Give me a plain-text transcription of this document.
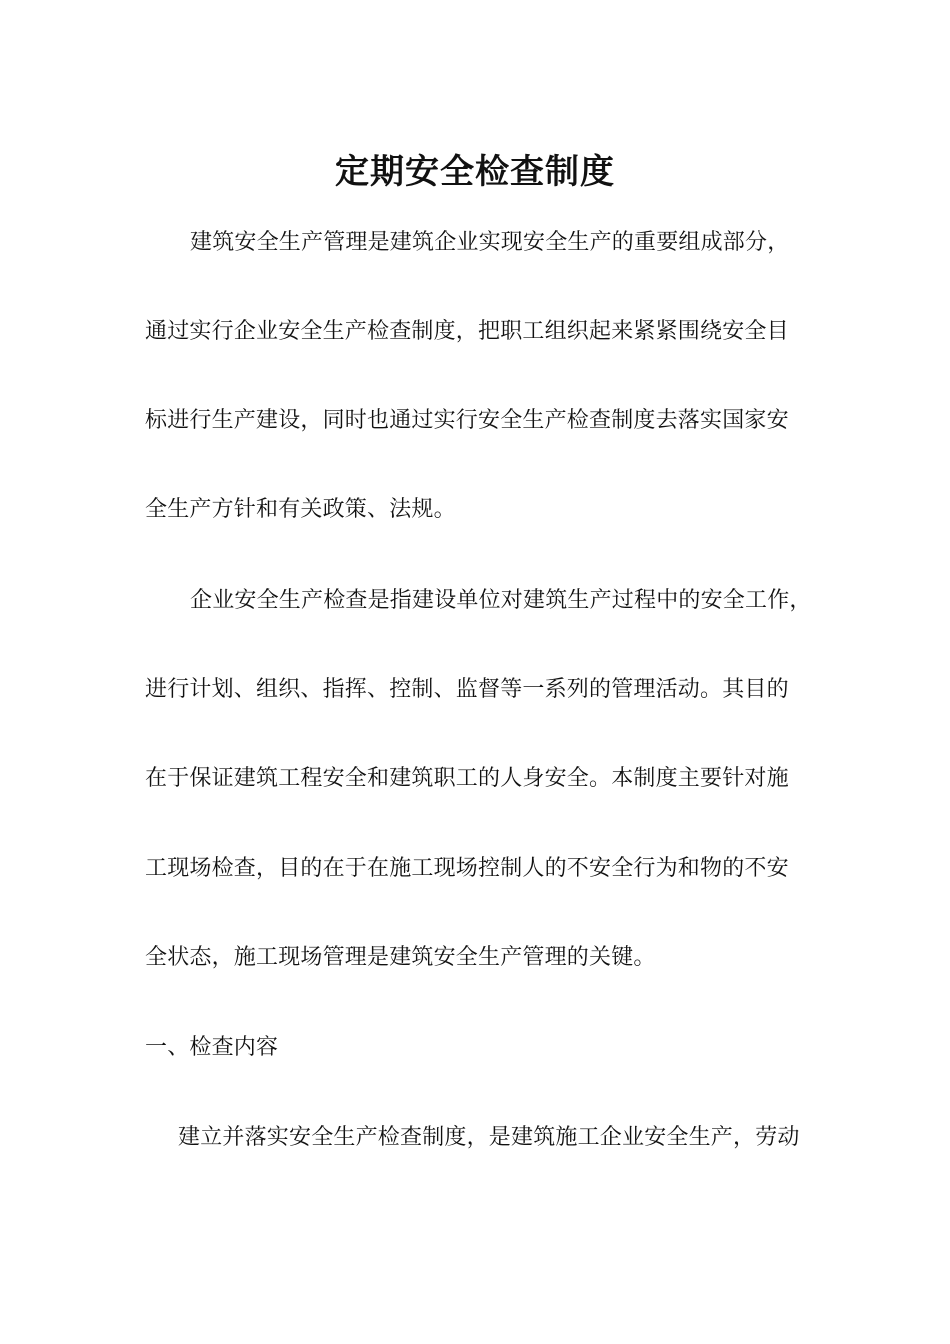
定期安全检查制度
建筑安全生产管理是建筑企业实现安全生产的重要组成部分，
通过实行企业安全生产检查制度，把职工组织起来紧紧围绕安全目
标进行生产建设，同时也通过实行安全生产检查制度去落实国家安
全生产方针和有关政策、法规。
企业安全生产检查是指建设单位对建筑生产过程中的安全工作，
进行计划、组织、指挥、控制、监督等一系列的管理活动。其目的
在于保证建筑工程安全和建筑职工的人身安全。本制度主要针对施
工现场检查，目的在于在施工现场控制人的不安全行为和物的不安
全状态，施工现场管理是建筑安全生产管理的关键。
一、检查内容
建立并落实安全生产检查制度，是建筑施工企业安全生产，劳动
